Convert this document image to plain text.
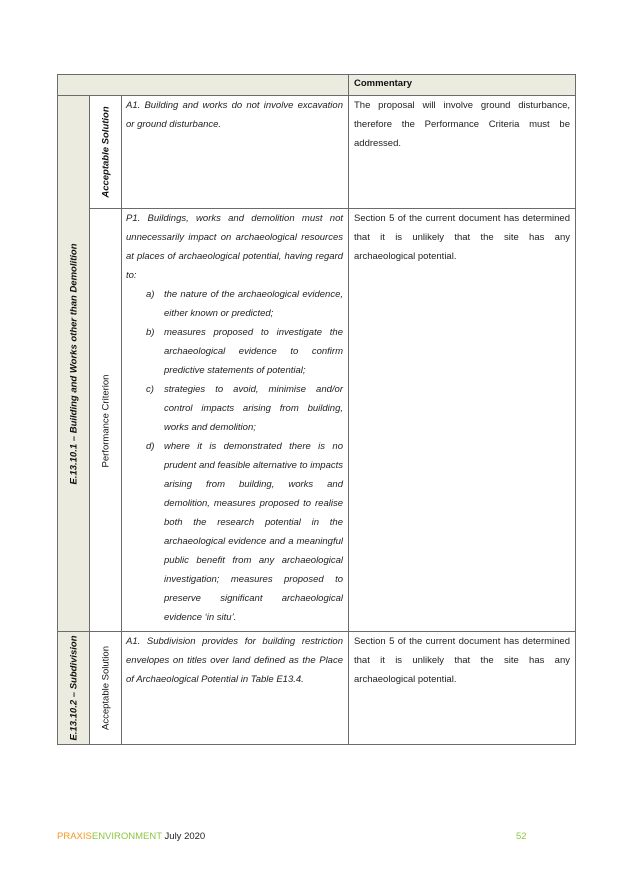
Commentary
E.13.10.1 – Building and Works other than Demolition
Acceptable Solution

A1. Building and works do not involve excavation or ground disturbance.

The proposal will involve ground disturbance, therefore the Performance Criteria must be addressed.

Performance Criterion

P1. Buildings, works and demolition must not unnecessarily impact on archaeological resources at places of archaeological potential, having regard to:

a) the nature of the archaeological evidence, either known or predicted;
b) measures proposed to investigate the archaeological evidence to confirm predictive statements of potential;
c) strategies to avoid, minimise and/or control impacts arising from building, works and demolition;
d) where it is demonstrated there is no prudent and feasible alternative to impacts arising from building, works and demolition, measures proposed to realise both the research potential in the archaeological evidence and a meaningful public benefit from any archaeological investigation; measures proposed to preserve significant archaeological evidence ‘in situ’.

Section 5 of the current document has determined that it is unlikely that the site has any archaeological potential.

E.13.10.2 – Subdivision Acceptable Solution

A1. Subdivision provides for building restriction envelopes on titles over land defined as the Place of Archaeological Potential in Table E13.4.

Section 5 of the current document has determined that it is unlikely that the site has any archaeological potential.

PRAXISENVIRONMENT July 2020	52
